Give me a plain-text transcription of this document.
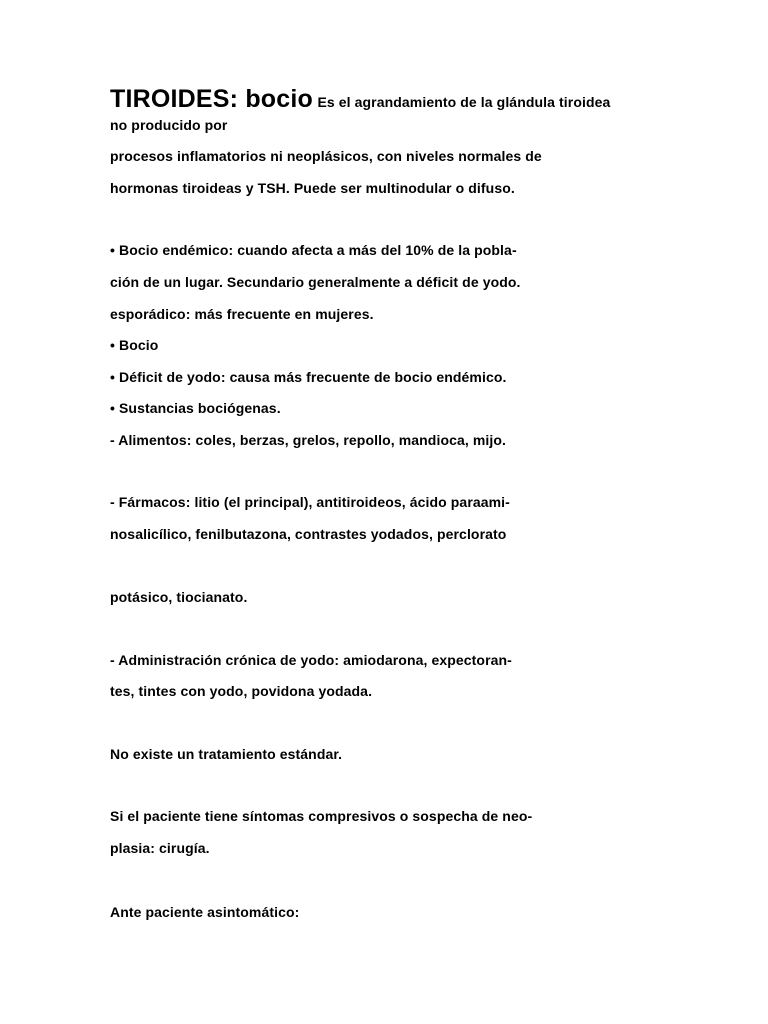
TIROIDES: bocio Es el agrandamiento de la glándula tiroidea
no producido por
procesos inflamatorios ni neoplásicos, con niveles normales de
hormonas tiroideas y TSH. Puede ser multinodular o difuso.
• Bocio endémico: cuando afecta a más del 10% de la pobla-
ción de un lugar. Secundario generalmente a déficit de yodo.
esporádico: más frecuente en mujeres.
• Bocio
• Déficit de yodo: causa más frecuente de bocio endémico.
• Sustancias bociógenas.
- Alimentos: coles, berzas, grelos, repollo, mandioca, mijo.
- Fármacos: litio (el principal), antitiroideos, ácido paraami-
nosalicílico, fenilbutazona, contrastes yodados, perclorato
potásico, tiocianato.
- Administración crónica de yodo: amiodarona, expectoran-
tes, tintes con yodo, povidona yodada.
No existe un tratamiento estándar.
Si el paciente tiene síntomas compresivos o sospecha de neo-
plasia: cirugía.
Ante paciente asintomático:
